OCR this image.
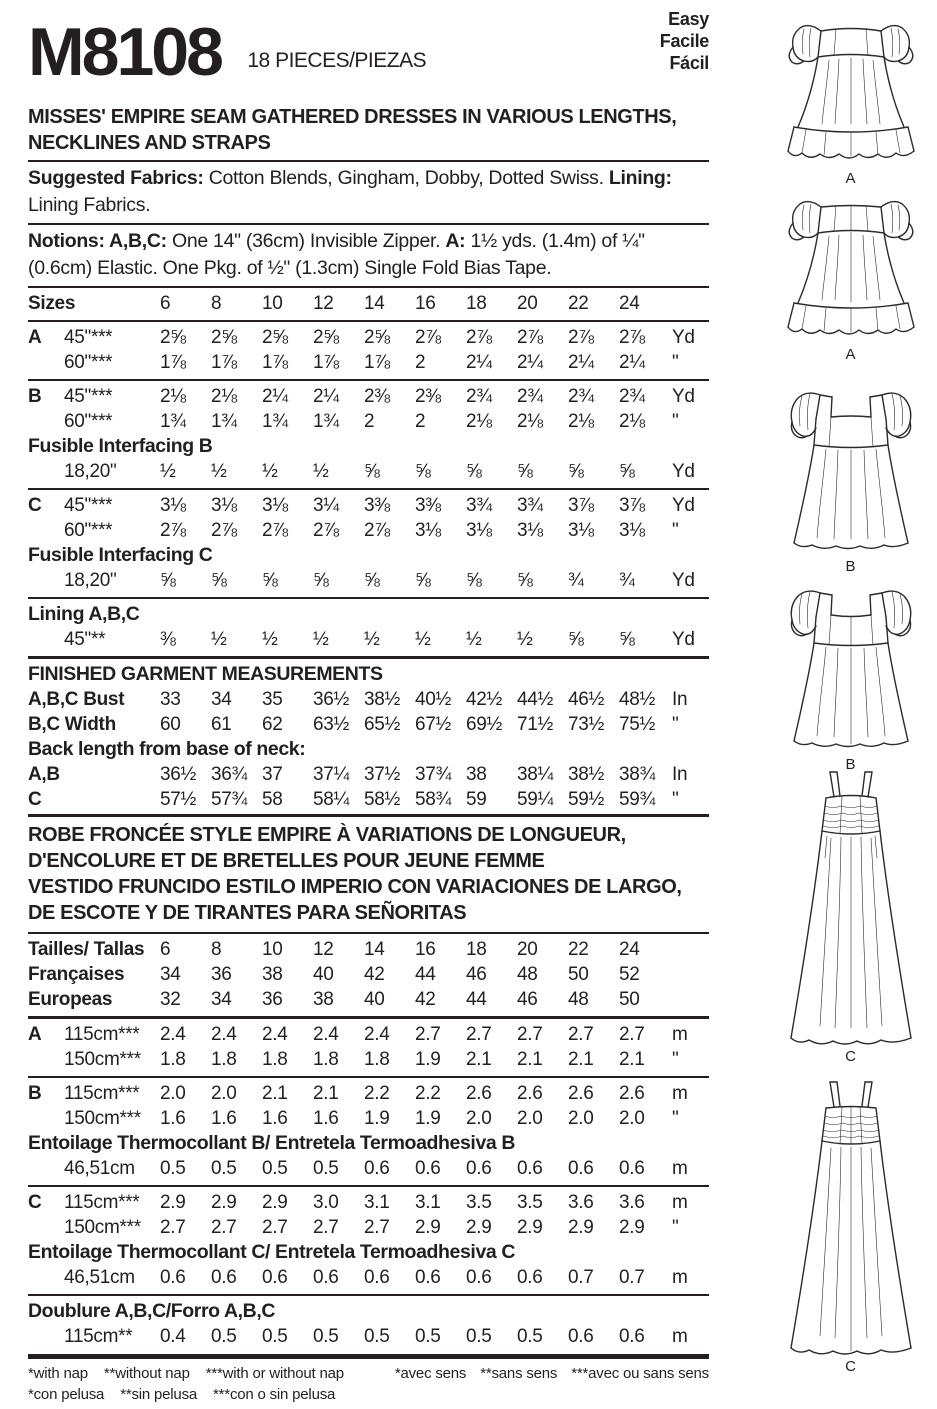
M8108 18 PIECES/PIEZAS
Easy
Facile
Fácil
MISSES' EMPIRE SEAM GATHERED DRESSES IN VARIOUS LENGTHS, NECKLINES AND STRAPS
Suggested Fabrics: Cotton Blends, Gingham, Dobby, Dotted Swiss. Lining: Lining Fabrics.
Notions: A,B,C: One 14" (36cm) Invisible Zipper. A: 1½ yds. (1.4m) of ¼" (0.6cm) Elastic. One Pkg. of ½" (1.3cm) Single Fold Bias Tape.
Sizes	6	8	10	12	14	16	18	20	22	24
A	45"***	2⅝	2⅝	2⅝	2⅝	2⅝	2⅞	2⅞	2⅞	2⅞	2⅞	Yd
60"***	1⅞	1⅞	1⅞	1⅞	1⅞	2	2¼	2¼	2¼	2¼	"
B	45"***	2⅛	2⅛	2¼	2¼	2⅜	2⅜	2¾	2¾	2¾	2¾	Yd
60"***	1¾	1¾	1¾	1¾	2	2	2⅛	2⅛	2⅛	2⅛	"
Fusible Interfacing B
18,20"	½	½	½	½	⅝	⅝	⅝	⅝	⅝	⅝	Yd
C	45"***	3⅛	3⅛	3⅛	3¼	3⅜	3⅜	3¾	3¾	3⅞	3⅞	Yd
60"***	2⅞	2⅞	2⅞	2⅞	2⅞	3⅛	3⅛	3⅛	3⅛	3⅛	"
Fusible Interfacing C
18,20"	⅝	⅝	⅝	⅝	⅝	⅝	⅝	⅝	¾	¾	Yd
Lining A,B,C
45"**	⅜	½	½	½	½	½	½	½	⅝	⅝	Yd
FINISHED GARMENT MEASUREMENTS
A,B,C Bust	33	34	35	36½ 38½ 40½ 42½ 44½ 46½ 48½ In
B,C Width	60	61	62	63½ 65½ 67½ 69½ 71½ 73½ 75½ "
Back length from base of neck:
A,B	36½ 36¾ 37	37¼ 37½ 37¾ 38	38¼ 38½ 38¾ In
C	57½ 57¾ 58	58¼ 58½ 58¾ 59	59¼ 59½ 59¾ "
ROBE FRONCÉE STYLE EMPIRE À VARIATIONS DE LONGUEUR, D'ENCOLURE ET DE BRETELLES POUR JEUNE FEMME
VESTIDO FRUNCIDO ESTILO IMPERIO CON VARIACIONES DE LARGO, DE ESCOTE Y DE TIRANTES PARA SEÑORITAS
Tailles/ Tallas 6	8	10	12	14	16	18	20	22	24
Françaises	34	36	38	40	42	44	46	48	50	52
Europeas	32	34	36	38	40	42	44	46	48	50
A	115cm***	2.4	2.4	2.4	2.4	2.4	2.7	2.7	2.7	2.7	2.7	m
150cm***	1.8	1.8	1.8	1.8	1.8	1.9	2.1	2.1	2.1	2.1	"
B	115cm***	2.0	2.0	2.1	2.1	2.2	2.2	2.6	2.6	2.6	2.6	m
150cm***	1.6	1.6	1.6	1.6	1.9	1.9	2.0	2.0	2.0	2.0	"
Entoilage Thermocollant B/ Entretela Termoadhesiva B
46,51cm	0.5	0.5	0.5	0.5	0.6	0.6	0.6	0.6	0.6	0.6	m
C	115cm***	2.9	2.9	2.9	3.0	3.1	3.1	3.5	3.5	3.6	3.6	m
150cm***	2.7	2.7	2.7	2.7	2.7	2.9	2.9	2.9	2.9	2.9	"
Entoilage Thermocollant C/ Entretela Termoadhesiva C
46,51cm	0.6	0.6	0.6	0.6	0.6	0.6	0.6	0.6	0.7	0.7	m
Doublure A,B,C/Forro A,B,C
115cm**	0.4	0.5	0.5	0.5	0.5	0.5	0.5	0.5	0.6	0.6	m
*with nap **without nap ***with or without nap
*con pelusa **sin pelusa ***con o sin pelusa
*avec sens **sans sens ***avec ou sans sens
A
A
B
B
C
C
